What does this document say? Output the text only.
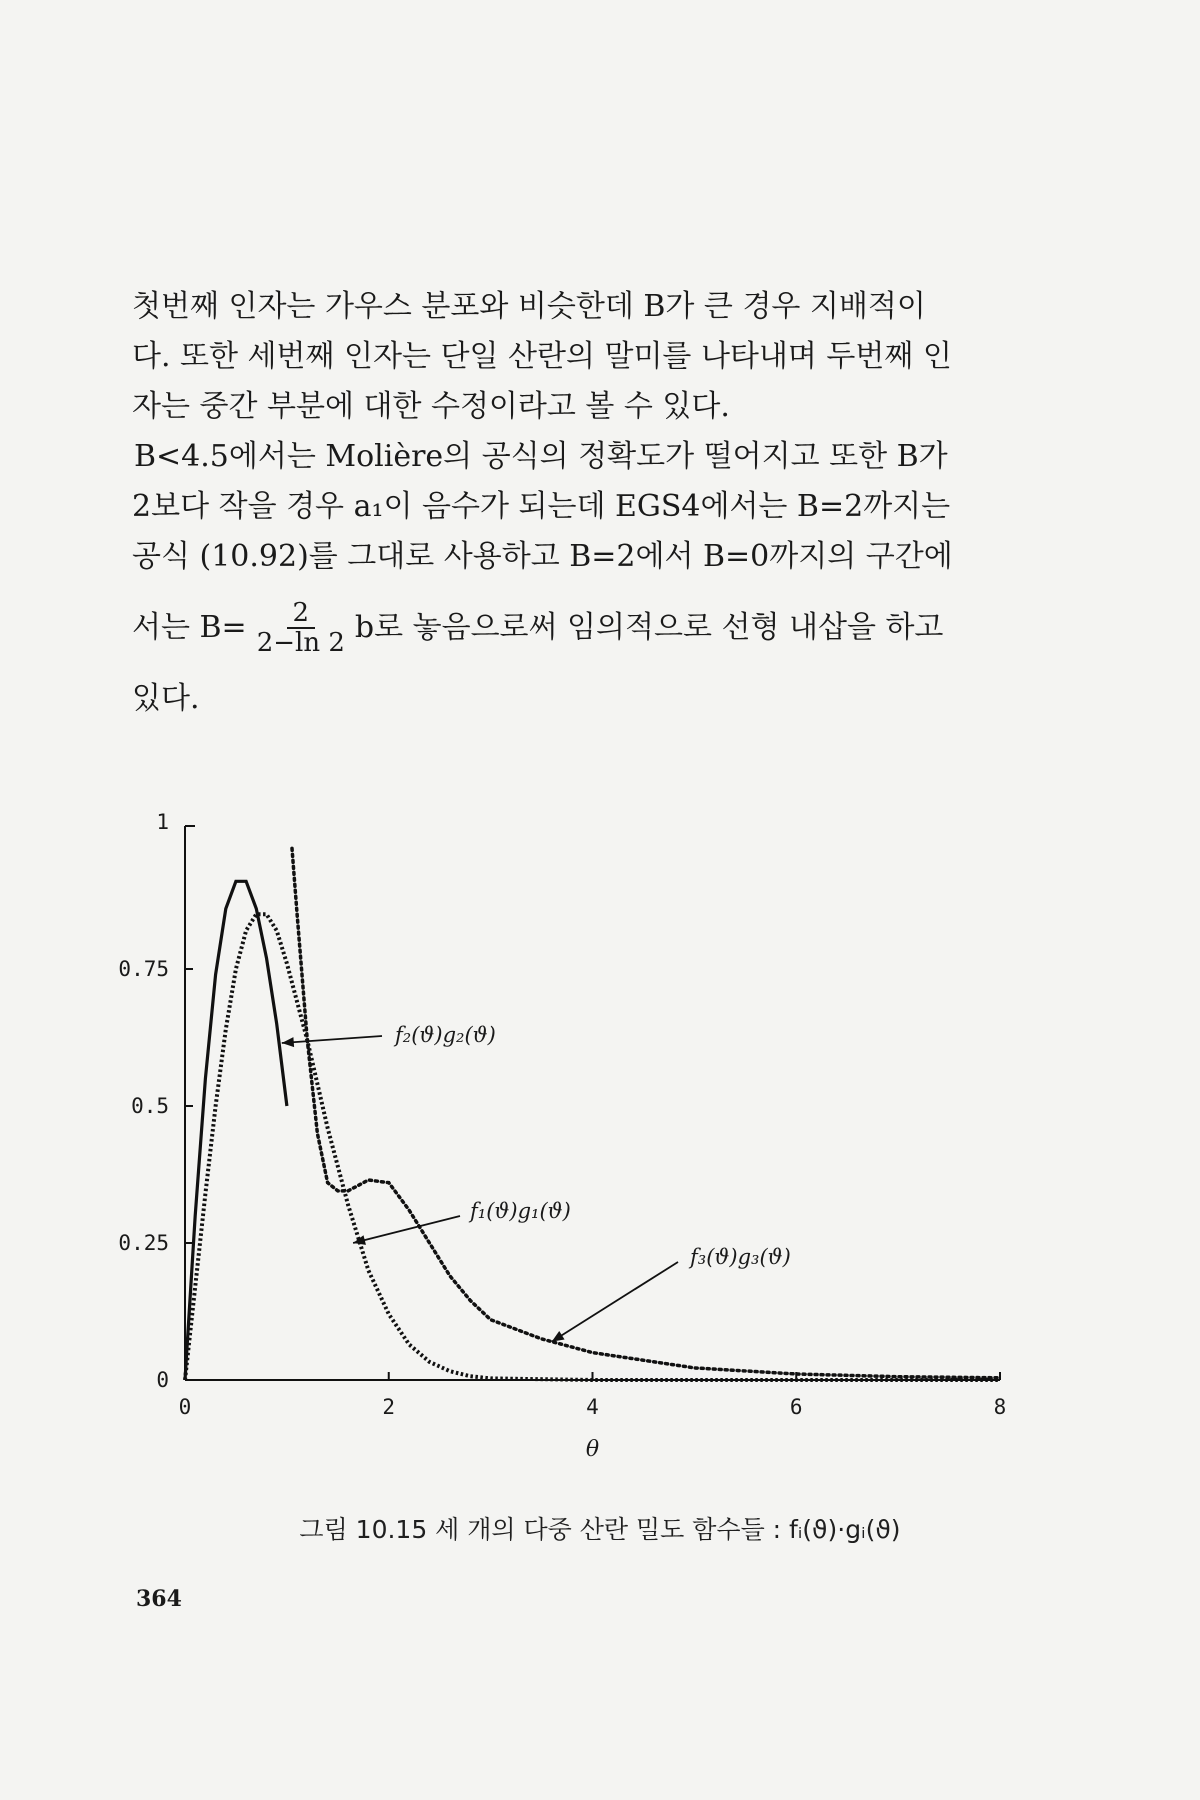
첫번째 인자는 가우스 분포와 비슷한데 B가 큰 경우 지배적이
다. 또한 세번째 인자는 단일 산란의 말미를 나타내며 두번째 인
자는 중간 부분에 대한 수정이라고 볼 수 있다.
B<4.5에서는 Molière의 공식의 정확도가 떨어지고 또한 B가
2보다 작을 경우 a₁이 음수가 되는데 EGS4에서는 B=2까지는
공식 (10.92)를 그대로 사용하고 B=2에서 B=0까지의 구간에
서는 $B= \frac{2}{2-\ln 2}$ b로 놓음으로써 임의적으로 선형 내삽을 하고
있다.
0
0.25
0.5
0.75
1
0	2	4	6	8
θ
f₂(ϑ)g₂(ϑ)
f₁(ϑ)g₁(ϑ)
f₃(ϑ)g₃(ϑ)
그림 10.15 세 개의 다중 산란 밀도 함수들 : fᵢ(ϑ)·gᵢ(ϑ)
364
